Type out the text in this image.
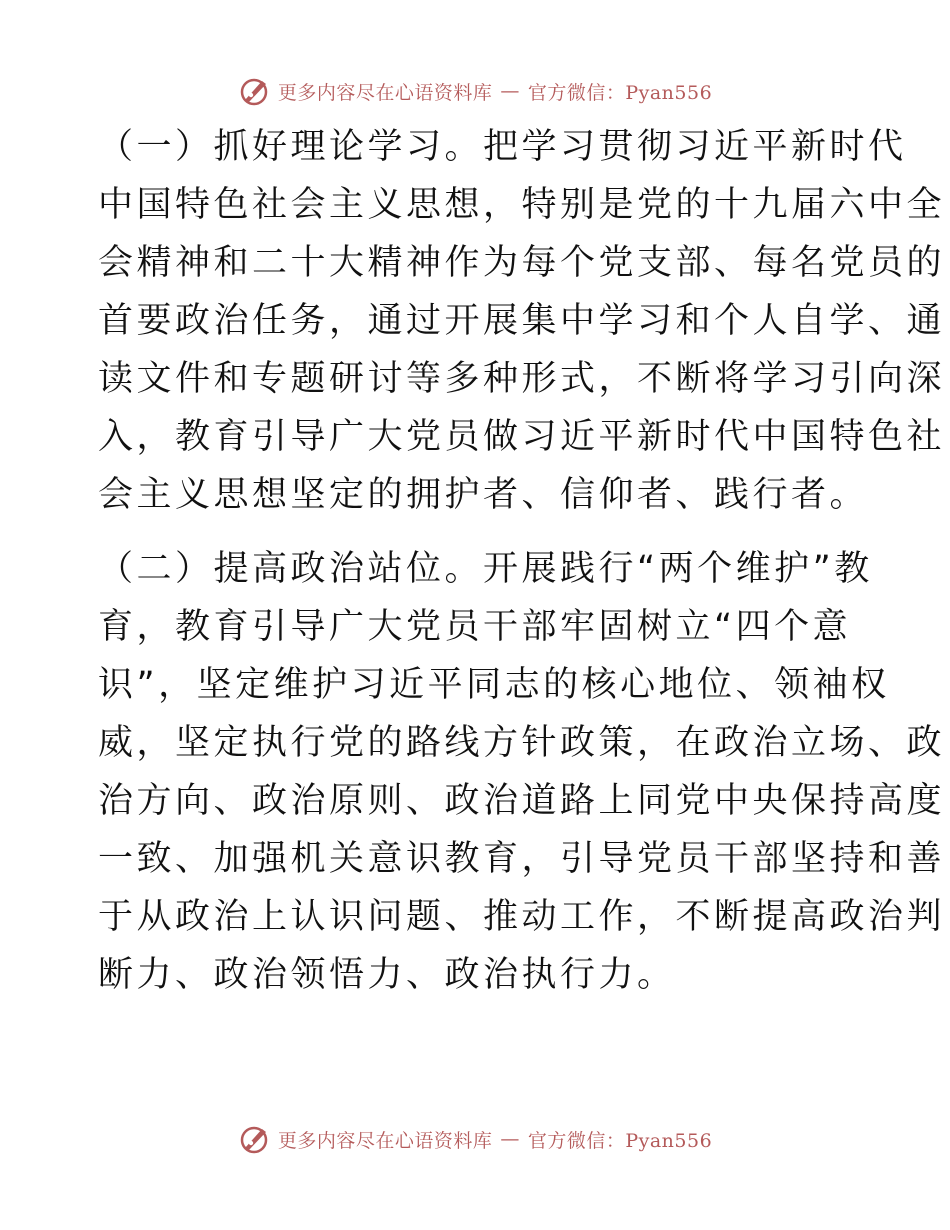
更多内容尽在心语资料库 — 官方微信：Pyan556

（一）抓好理论学习。把学习贯彻习近平新时代
中国特色社会主义思想，特别是党的十九届六中全
会精神和二十大精神作为每个党支部、每名党员的
首要政治任务，通过开展集中学习和个人自学、通
读文件和专题研讨等多种形式，不断将学习引向深
入，教育引导广大党员做习近平新时代中国特色社
会主义思想坚定的拥护者、信仰者、践行者。

（二）提高政治站位。开展践行“两个维护”教
育，教育引导广大党员干部牢固树立“四个意
识”，坚定维护习近平同志的核心地位、领袖权
威，坚定执行党的路线方针政策，在政治立场、政
治方向、政治原则、政治道路上同党中央保持高度
一致、加强机关意识教育，引导党员干部坚持和善
于从政治上认识问题、推动工作，不断提高政治判
断力、政治领悟力、政治执行力。

更多内容尽在心语资料库 — 官方微信：Pyan556
